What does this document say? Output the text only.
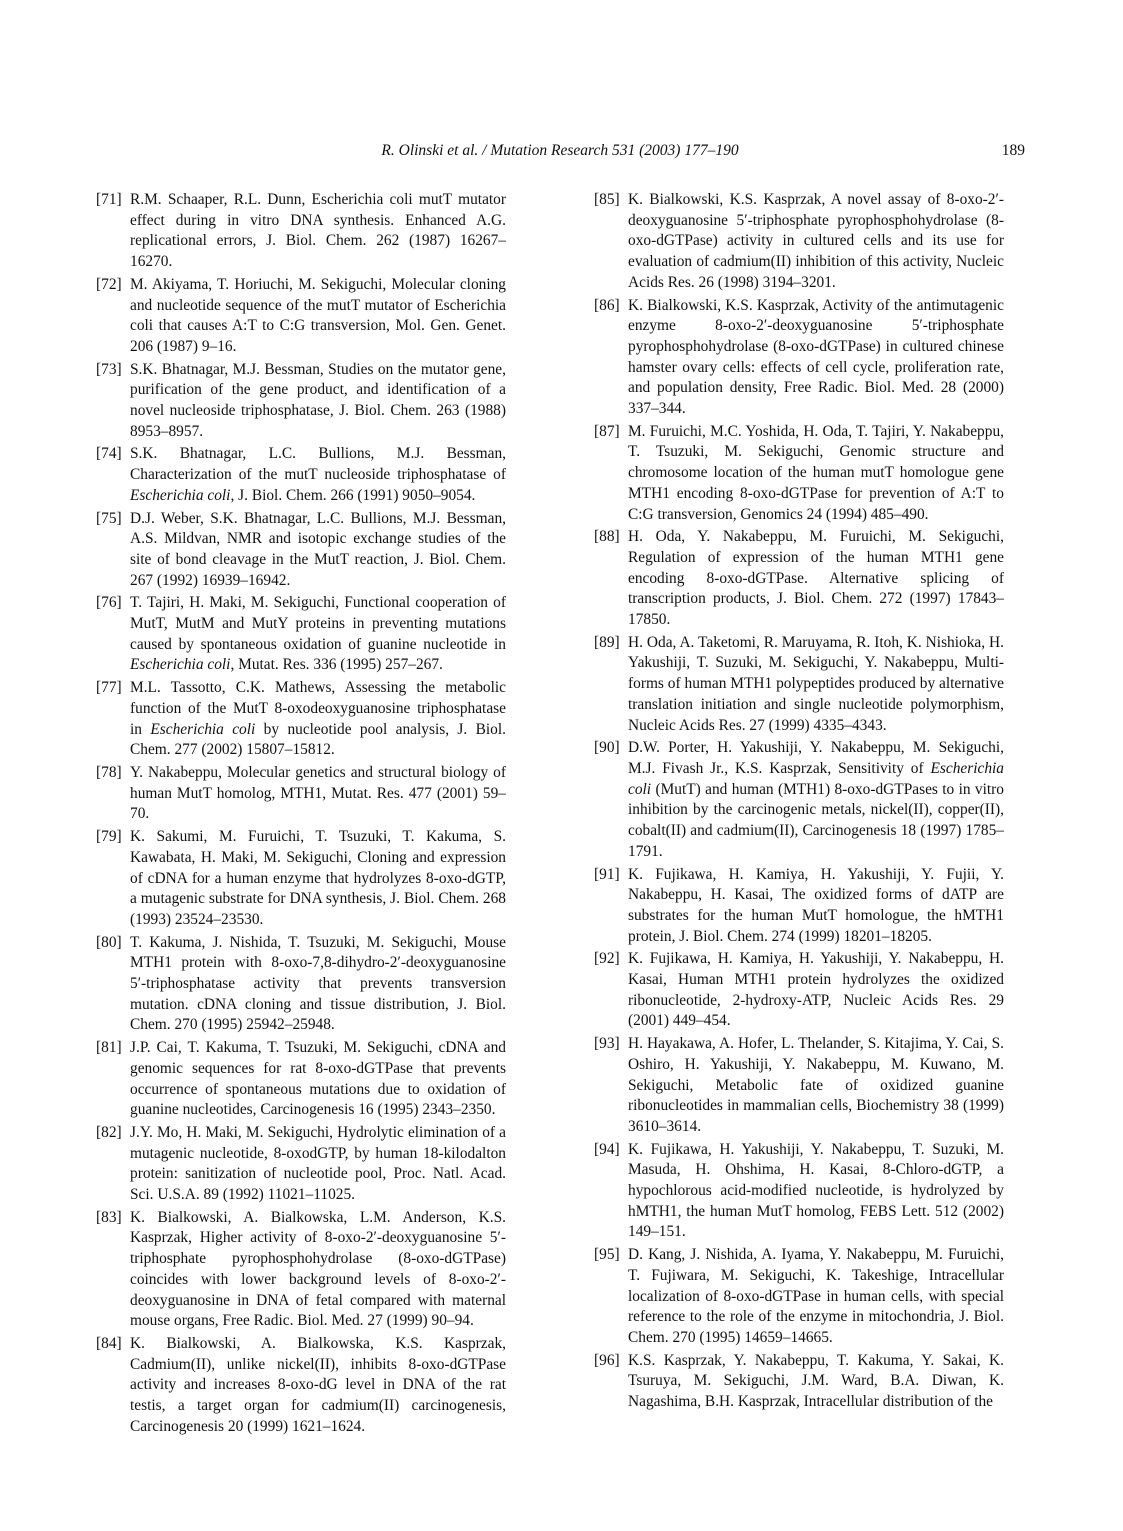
R. Olinski et al. / Mutation Research 531 (2003) 177–190	189
[71] R.M. Schaaper, R.L. Dunn, Escherichia coli mutT mutator effect during in vitro DNA synthesis. Enhanced A.G. replicational errors, J. Biol. Chem. 262 (1987) 16267–16270.
[72] M. Akiyama, T. Horiuchi, M. Sekiguchi, Molecular cloning and nucleotide sequence of the mutT mutator of Escherichia coli that causes A:T to C:G transversion, Mol. Gen. Genet. 206 (1987) 9–16.
[73] S.K. Bhatnagar, M.J. Bessman, Studies on the mutator gene, purification of the gene product, and identification of a novel nucleoside triphosphatase, J. Biol. Chem. 263 (1988) 8953–8957.
[74] S.K. Bhatnagar, L.C. Bullions, M.J. Bessman, Characterization of the mutT nucleoside triphosphatase of Escherichia coli, J. Biol. Chem. 266 (1991) 9050–9054.
[75] D.J. Weber, S.K. Bhatnagar, L.C. Bullions, M.J. Bessman, A.S. Mildvan, NMR and isotopic exchange studies of the site of bond cleavage in the MutT reaction, J. Biol. Chem. 267 (1992) 16939–16942.
[76] T. Tajiri, H. Maki, M. Sekiguchi, Functional cooperation of MutT, MutM and MutY proteins in preventing mutations caused by spontaneous oxidation of guanine nucleotide in Escherichia coli, Mutat. Res. 336 (1995) 257–267.
[77] M.L. Tassotto, C.K. Mathews, Assessing the metabolic function of the MutT 8-oxodeoxyguanosine triphosphatase in Escherichia coli by nucleotide pool analysis, J. Biol. Chem. 277 (2002) 15807–15812.
[78] Y. Nakabeppu, Molecular genetics and structural biology of human MutT homolog, MTH1, Mutat. Res. 477 (2001) 59–70.
[79] K. Sakumi, M. Furuichi, T. Tsuzuki, T. Kakuma, S. Kawabata, H. Maki, M. Sekiguchi, Cloning and expression of cDNA for a human enzyme that hydrolyzes 8-oxo-dGTP, a mutagenic substrate for DNA synthesis, J. Biol. Chem. 268 (1993) 23524–23530.
[80] T. Kakuma, J. Nishida, T. Tsuzuki, M. Sekiguchi, Mouse MTH1 protein with 8-oxo-7,8-dihydro-2′-deoxyguanosine 5′-triphosphatase activity that prevents transversion mutation. cDNA cloning and tissue distribution, J. Biol. Chem. 270 (1995) 25942–25948.
[81] J.P. Cai, T. Kakuma, T. Tsuzuki, M. Sekiguchi, cDNA and genomic sequences for rat 8-oxo-dGTPase that prevents occurrence of spontaneous mutations due to oxidation of guanine nucleotides, Carcinogenesis 16 (1995) 2343–2350.
[82] J.Y. Mo, H. Maki, M. Sekiguchi, Hydrolytic elimination of a mutagenic nucleotide, 8-oxodGTP, by human 18-kilodalton protein: sanitization of nucleotide pool, Proc. Natl. Acad. Sci. U.S.A. 89 (1992) 11021–11025.
[83] K. Bialkowski, A. Bialkowska, L.M. Anderson, K.S. Kasprzak, Higher activity of 8-oxo-2′-deoxyguanosine 5′-triphosphate pyrophosphohydrolase (8-oxo-dGTPase) coincides with lower background levels of 8-oxo-2′-deoxyguanosine in DNA of fetal compared with maternal mouse organs, Free Radic. Biol. Med. 27 (1999) 90–94.
[84] K. Bialkowski, A. Bialkowska, K.S. Kasprzak, Cadmium(II), unlike nickel(II), inhibits 8-oxo-dGTPase activity and increases 8-oxo-dG level in DNA of the rat testis, a target organ for cadmium(II) carcinogenesis, Carcinogenesis 20 (1999) 1621–1624.
[85] K. Bialkowski, K.S. Kasprzak, A novel assay of 8-oxo-2′-deoxyguanosine 5′-triphosphate pyrophosphohydrolase (8-oxo-dGTPase) activity in cultured cells and its use for evaluation of cadmium(II) inhibition of this activity, Nucleic Acids Res. 26 (1998) 3194–3201.
[86] K. Bialkowski, K.S. Kasprzak, Activity of the antimutagenic enzyme 8-oxo-2′-deoxyguanosine 5′-triphosphate pyrophosphohydrolase (8-oxo-dGTPase) in cultured chinese hamster ovary cells: effects of cell cycle, proliferation rate, and population density, Free Radic. Biol. Med. 28 (2000) 337–344.
[87] M. Furuichi, M.C. Yoshida, H. Oda, T. Tajiri, Y. Nakabeppu, T. Tsuzuki, M. Sekiguchi, Genomic structure and chromosome location of the human mutT homologue gene MTH1 encoding 8-oxo-dGTPase for prevention of A:T to C:G transversion, Genomics 24 (1994) 485–490.
[88] H. Oda, Y. Nakabeppu, M. Furuichi, M. Sekiguchi, Regulation of expression of the human MTH1 gene encoding 8-oxo-dGTPase. Alternative splicing of transcription products, J. Biol. Chem. 272 (1997) 17843–17850.
[89] H. Oda, A. Taketomi, R. Maruyama, R. Itoh, K. Nishioka, H. Yakushiji, T. Suzuki, M. Sekiguchi, Y. Nakabeppu, Multi-forms of human MTH1 polypeptides produced by alternative translation initiation and single nucleotide polymorphism, Nucleic Acids Res. 27 (1999) 4335–4343.
[90] D.W. Porter, H. Yakushiji, Y. Nakabeppu, M. Sekiguchi, M.J. Fivash Jr., K.S. Kasprzak, Sensitivity of Escherichia coli (MutT) and human (MTH1) 8-oxo-dGTPases to in vitro inhibition by the carcinogenic metals, nickel(II), copper(II), cobalt(II) and cadmium(II), Carcinogenesis 18 (1997) 1785–1791.
[91] K. Fujikawa, H. Kamiya, H. Yakushiji, Y. Fujii, Y. Nakabeppu, H. Kasai, The oxidized forms of dATP are substrates for the human MutT homologue, the hMTH1 protein, J. Biol. Chem. 274 (1999) 18201–18205.
[92] K. Fujikawa, H. Kamiya, H. Yakushiji, Y. Nakabeppu, H. Kasai, Human MTH1 protein hydrolyzes the oxidized ribonucleotide, 2-hydroxy-ATP, Nucleic Acids Res. 29 (2001) 449–454.
[93] H. Hayakawa, A. Hofer, L. Thelander, S. Kitajima, Y. Cai, S. Oshiro, H. Yakushiji, Y. Nakabeppu, M. Kuwano, M. Sekiguchi, Metabolic fate of oxidized guanine ribonucleotides in mammalian cells, Biochemistry 38 (1999) 3610–3614.
[94] K. Fujikawa, H. Yakushiji, Y. Nakabeppu, T. Suzuki, M. Masuda, H. Ohshima, H. Kasai, 8-Chloro-dGTP, a hypochlorous acid-modified nucleotide, is hydrolyzed by hMTH1, the human MutT homolog, FEBS Lett. 512 (2002) 149–151.
[95] D. Kang, J. Nishida, A. Iyama, Y. Nakabeppu, M. Furuichi, T. Fujiwara, M. Sekiguchi, K. Takeshige, Intracellular localization of 8-oxo-dGTPase in human cells, with special reference to the role of the enzyme in mitochondria, J. Biol. Chem. 270 (1995) 14659–14665.
[96] K.S. Kasprzak, Y. Nakabeppu, T. Kakuma, Y. Sakai, K. Tsuruya, M. Sekiguchi, J.M. Ward, B.A. Diwan, K. Nagashima, B.H. Kasprzak, Intracellular distribution of the
